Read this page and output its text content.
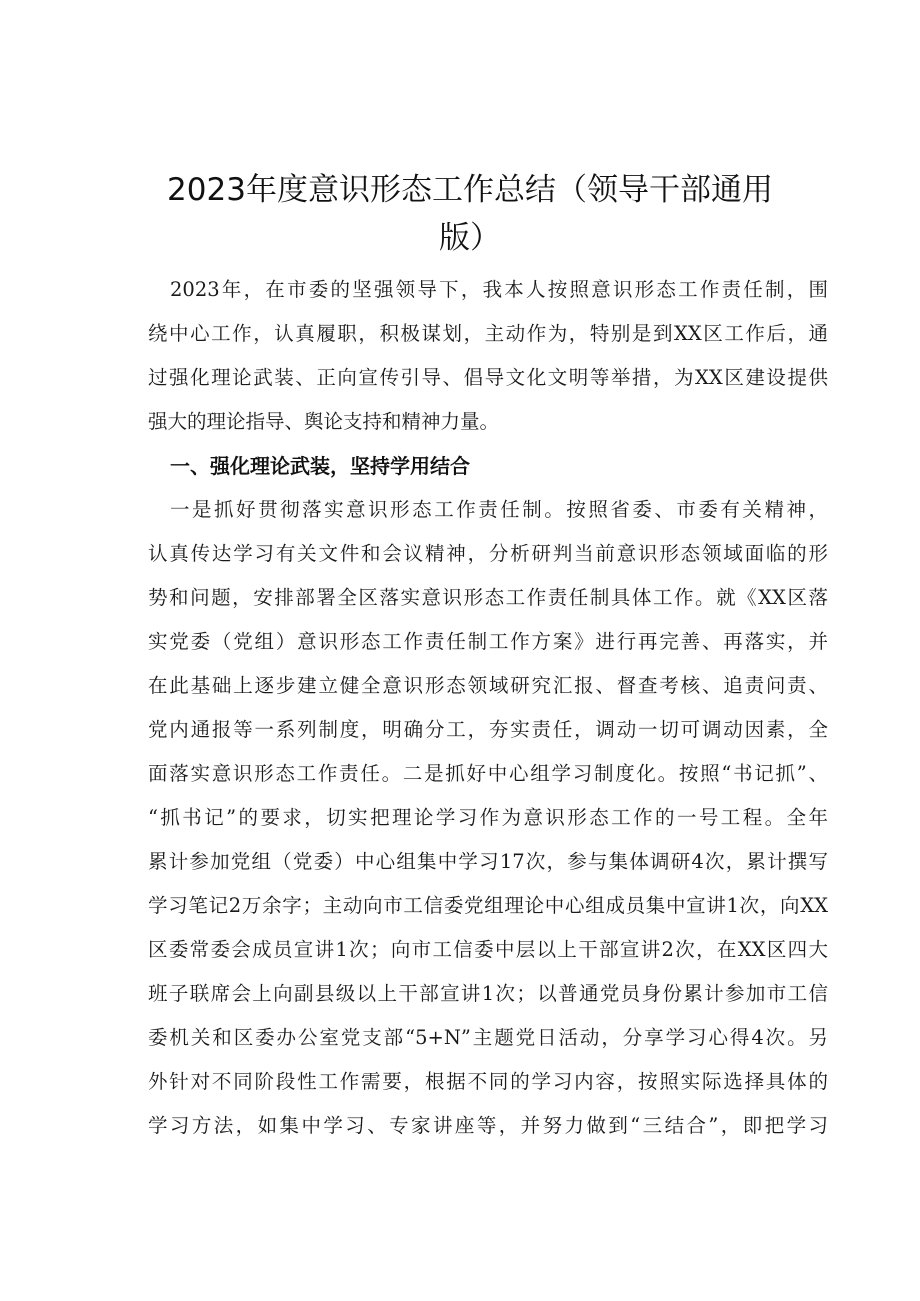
2023年度意识形态工作总结（领导干部通用
版）
2023年，在市委的坚强领导下，我本人按照意识形态工作责任制，围
绕中心工作，认真履职，积极谋划，主动作为，特别是到XX区工作后，通
过强化理论武装、正向宣传引导、倡导文化文明等举措，为XX区建设提供
强大的理论指导、舆论支持和精神力量。
一、强化理论武装，坚持学用结合
一是抓好贯彻落实意识形态工作责任制。按照省委、市委有关精神，
认真传达学习有关文件和会议精神，分析研判当前意识形态领域面临的形
势和问题，安排部署全区落实意识形态工作责任制具体工作。就《XX区落
实党委（党组）意识形态工作责任制工作方案》进行再完善、再落实，并
在此基础上逐步建立健全意识形态领域研究汇报、督查考核、追责问责、
党内通报等一系列制度，明确分工，夯实责任，调动一切可调动因素，全
面落实意识形态工作责任。二是抓好中心组学习制度化。按照“书记抓”、
“抓书记”的要求，切实把理论学习作为意识形态工作的一号工程。全年
累计参加党组（党委）中心组集中学习17次，参与集体调研4次，累计撰写
学习笔记2万余字；主动向市工信委党组理论中心组成员集中宣讲1次，向XX
区委常委会成员宣讲1次；向市工信委中层以上干部宣讲2次，在XX区四大
班子联席会上向副县级以上干部宣讲1次；以普通党员身份累计参加市工信
委机关和区委办公室党支部“5+N”主题党日活动，分享学习心得4次。另
外针对不同阶段性工作需要，根据不同的学习内容，按照实际选择具体的
学习方法，如集中学习、专家讲座等，并努力做到“三结合”，即把学习
